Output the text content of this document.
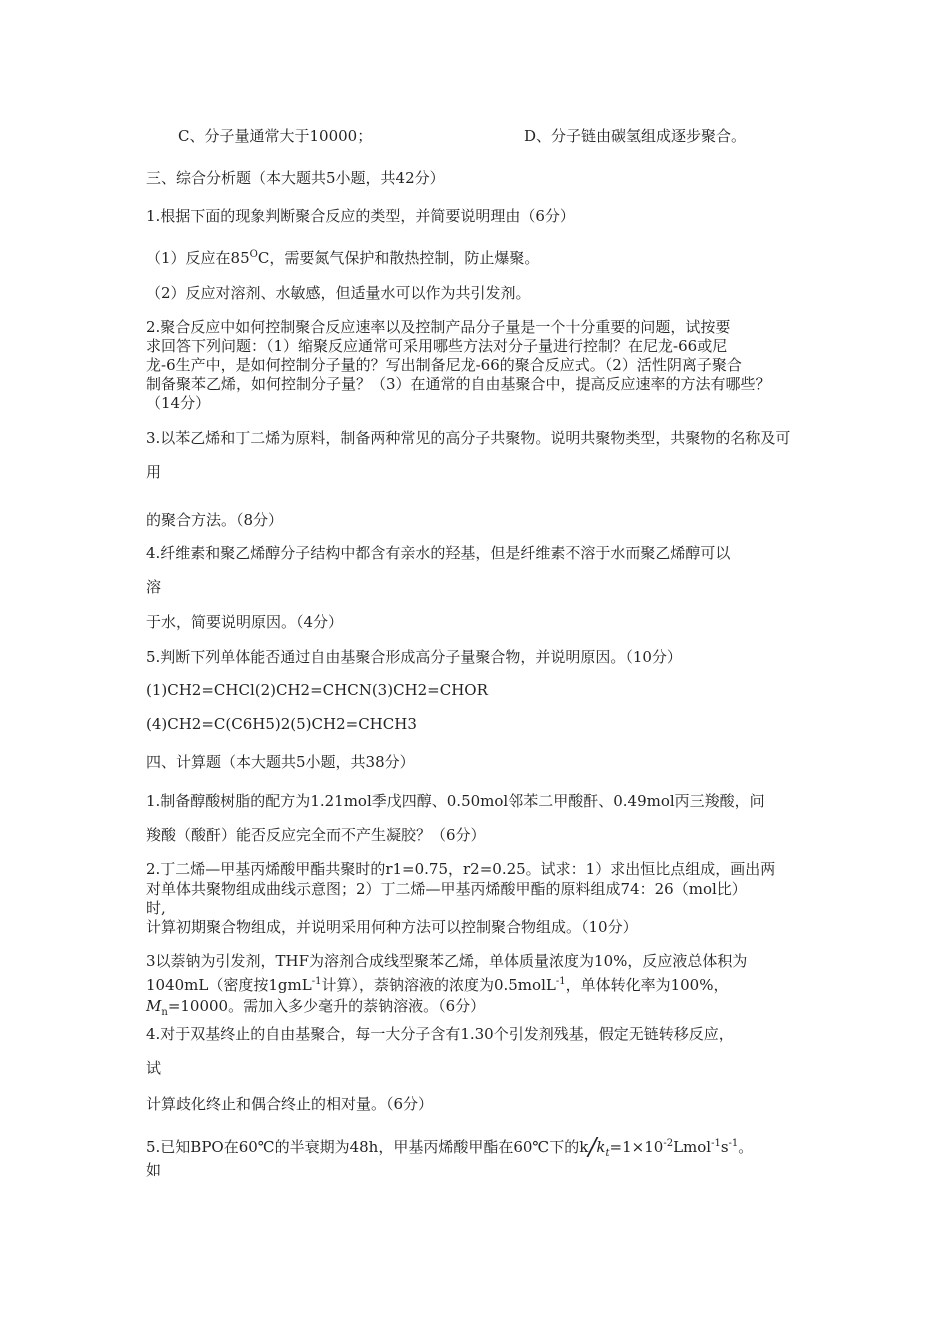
C、分子量通常大于10000；	D、分子链由碳氢组成逐步聚合。
三、综合分析题（本大题共5小题，共42分）
1.根据下面的现象判断聚合反应的类型，并简要说明理由（6分）
（1）反应在$85^OC$，需要氮气保护和散热控制，防止爆聚。
（2）反应对溶剂、水敏感，但适量水可以作为共引发剂。
2.聚合反应中如何控制聚合反应速率以及控制产品分子量是一个十分重要的问题，试按要
求回答下列问题：（1）缩聚反应通常可采用哪些方法对分子量进行控制？在尼龙-66或尼
龙-6生产中，是如何控制分子量的？写出制备尼龙-66的聚合反应式。（2）活性阴离子聚合
制备聚苯乙烯，如何控制分子量？（3）在通常的自由基聚合中，提高反应速率的方法有哪些？
（14分）
3.以苯乙烯和丁二烯为原料，制备两种常见的高分子共聚物。说明共聚物类型，共聚物的名称及可
用
的聚合方法。（8分）
4.纤维素和聚乙烯醇分子结构中都含有亲水的羟基，但是纤维素不溶于水而聚乙烯醇可以
溶
于水，简要说明原因。（4分）
5.判断下列单体能否通过自由基聚合形成高分子量聚合物，并说明原因。（10分）
(1)CH2=CHCl(2)CH2=CHCN(3)CH2=CHOR
(4)CH2=C(C6H5)2(5)CH2=CHCH3
四、计算题（本大题共5小题，共38分）
1.制备醇酸树脂的配方为1.21mol季戊四醇、0.50mol邻苯二甲酸酐、0.49mol丙三羧酸，问
羧酸（酸酐）能否反应完全而不产生凝胶？（6分）
2.丁二烯—甲基丙烯酸甲酯共聚时的r1=0.75，r2=0.25。试求：1）求出恒比点组成，画出两
对单体共聚物组成曲线示意图；2）丁二烯—甲基丙烯酸甲酯的原料组成74：26（mol比）
时,
计算初期聚合物组成，并说明采用何种方法可以控制聚合物组成。（10分）
3以萘钠为引发剂，THF为溶剂合成线型聚苯乙烯，单体质量浓度为10%，反应液总体积为
1040mL（密度按1gmL$^{-1}$计算），萘钠溶液的浓度为0.5molL$^{-1}$，单体转化率为100%，
$M_n=10000$。需加入多少毫升的萘钠溶液。（6分）
4.对于双基终止的自由基聚合，每一大分子含有1.30个引发剂残基，假定无链转移反应，
试
计算歧化终止和偶合终止的相对量。（6分）
5.已知BPO在60℃的半衰期为48h，甲基丙烯酸甲酯在60℃下的$k/k_t=1\times 10^{-2}Lmol^{-1}s^{-1}$。
如
